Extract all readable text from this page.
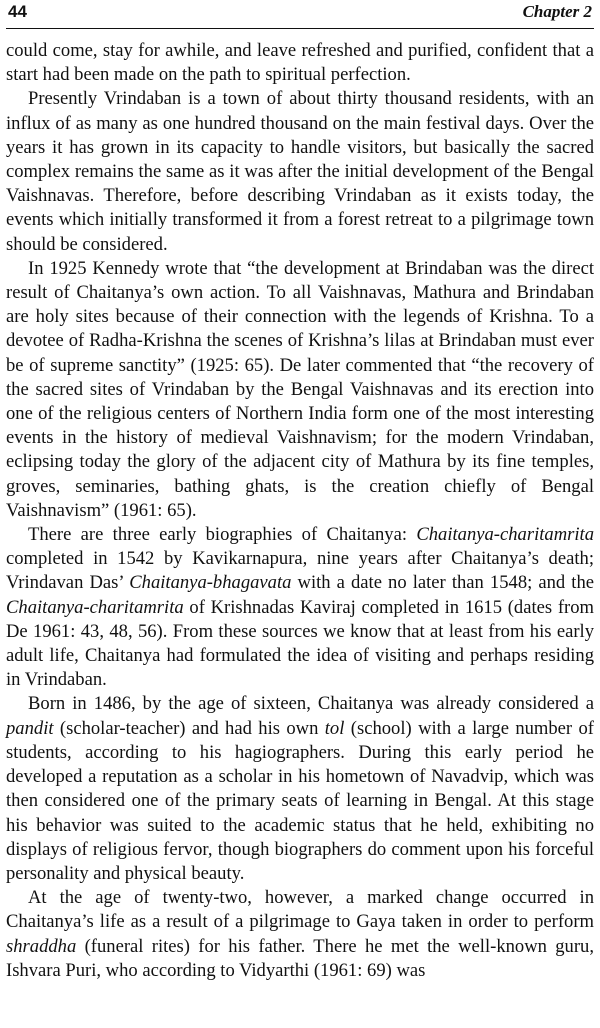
44	Chapter 2

could come, stay for awhile, and leave refreshed and purified, confident that a start had been made on the path to spiritual perfection.

Presently Vrindaban is a town of about thirty thousand residents, with an influx of as many as one hundred thousand on the main festival days. Over the years it has grown in its capacity to handle visitors, but basically the sacred complex remains the same as it was after the initial development of the Bengal Vaishnavas. Therefore, before describing Vrindaban as it exists today, the events which initially transformed it from a forest retreat to a pilgrimage town should be considered.

In 1925 Kennedy wrote that “the development at Brindaban was the direct result of Chaitanya’s own action. To all Vaishnavas, Mathura and Brindaban are holy sites because of their connection with the legends of Krishna. To a devotee of Radha-Krishna the scenes of Krishna’s lilas at Brindaban must ever be of supreme sanctity” (1925: 65). De later commented that “the recovery of the sacred sites of Vrindaban by the Bengal Vaishnavas and its erection into one of the religious centers of Northern India form one of the most interesting events in the history of medieval Vaishnavism; for the modern Vrindaban, eclipsing today the glory of the adjacent city of Mathura by its fine temples, groves, seminaries, bathing ghats, is the creation chiefly of Bengal Vaishnavism” (1961: 65).

There are three early biographies of Chaitanya: Chaitanya-charitamrita completed in 1542 by Kavikarnapura, nine years after Chaitanya’s death; Vrindavan Das’ Chaitanya-bhagavata with a date no later than 1548; and the Chaitanya-charitamrita of Krishnadas Kaviraj completed in 1615 (dates from De 1961: 43, 48, 56). From these sources we know that at least from his early adult life, Chaitanya had formulated the idea of visiting and perhaps residing in Vrindaban.

Born in 1486, by the age of sixteen, Chaitanya was already considered a pandit (scholar-teacher) and had his own tol (school) with a large number of students, according to his hagiographers. During this early period he developed a reputation as a scholar in his hometown of Navadvip, which was then considered one of the primary seats of learning in Bengal. At this stage his behavior was suited to the academic status that he held, exhibiting no displays of religious fervor, though biographers do comment upon his forceful personality and physical beauty.

At the age of twenty-two, however, a marked change occurred in Chaitanya’s life as a result of a pilgrimage to Gaya taken in order to perform shraddha (funeral rites) for his father. There he met the well-known guru, Ishvara Puri, who according to Vidyarthi (1961: 69) was
